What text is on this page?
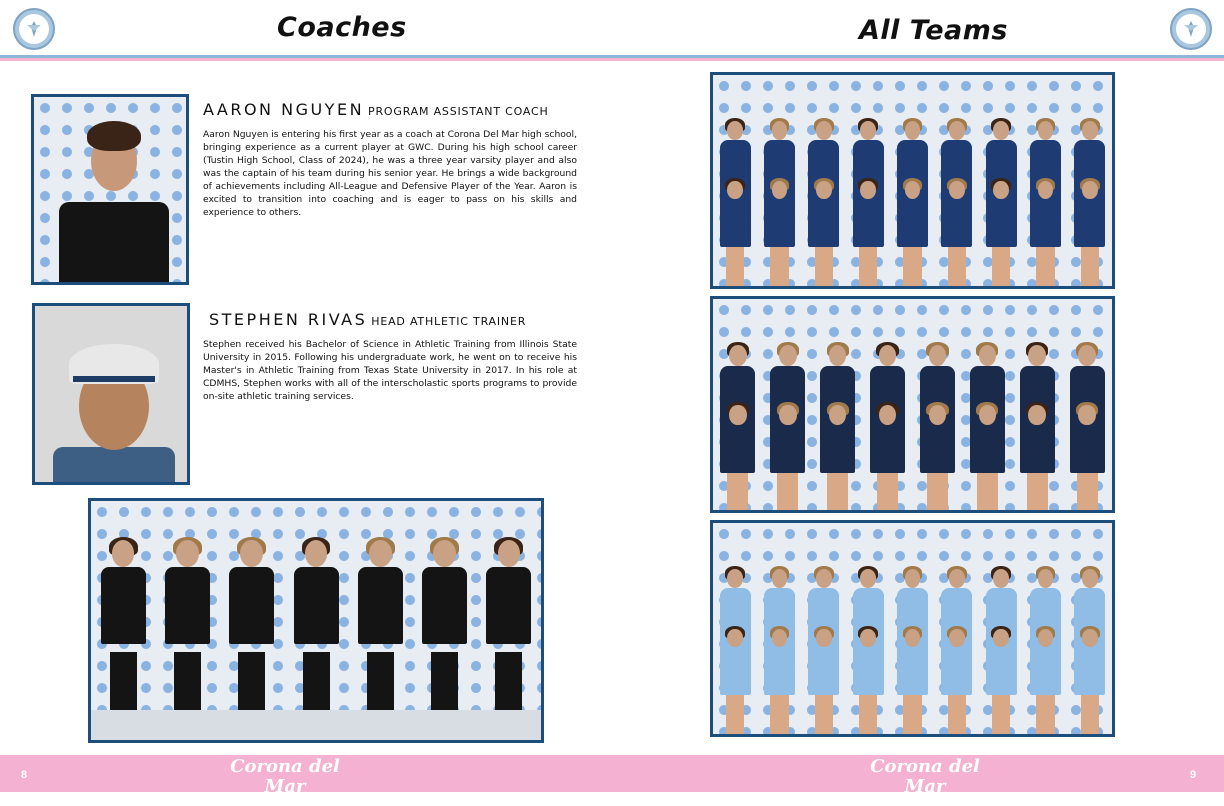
Coaches	All Teams
AARON NGUYEN PROGRAM ASSISTANT COACH
Aaron Nguyen is entering his first year as a coach at Corona Del Mar high school, bringing experience as a current player at GWC. During his high school career (Tustin High School, Class of 2024), he was a three year varsity player and also was the captain of his team during his senior year. He brings a wide background of achievements including All-League and Defensive Player of the Year. Aaron is excited to transition into coaching and is eager to pass on his skills and experience to others.
STEPHEN RIVAS HEAD ATHLETIC TRAINER
Stephen received his Bachelor of Science in Athletic Training from Illinois State University in 2015. Following his undergraduate work, he went on to receive his Master's in Athletic Training from Texas State University in 2017. In his role at CDMHS, Stephen works with all of the interscholastic sports programs to provide on-site athletic training services.
8	Corona del Mar
VOLLEYBALL
Corona del Mar
VOLLEYBALL
9
